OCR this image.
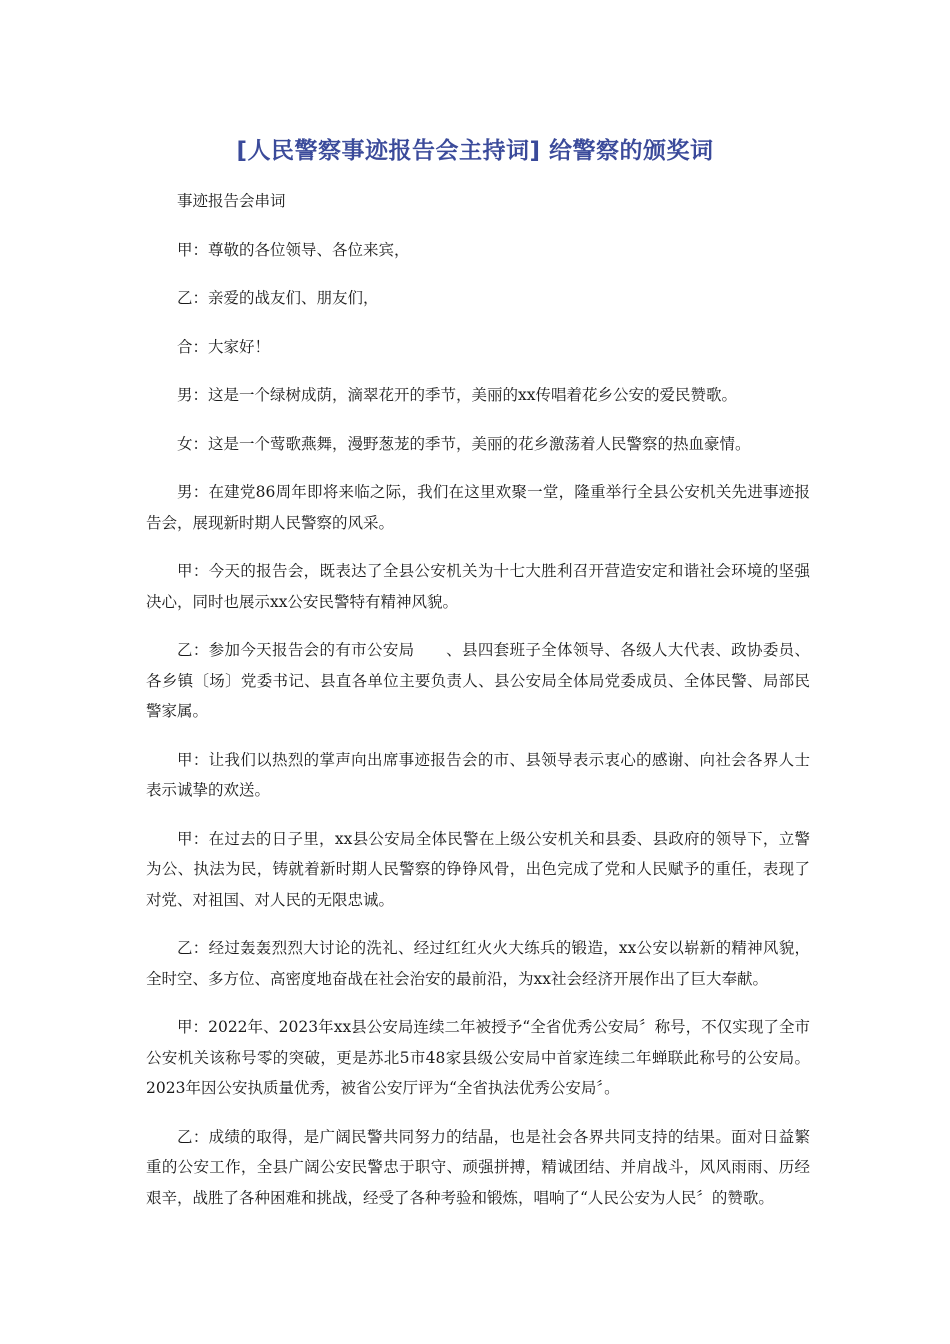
[人民警察事迹报告会主持词] 给警察的颁奖词

事迹报告会串词

甲：尊敬的各位领导、各位来宾，

乙：亲爱的战友们、朋友们，

合：大家好！

男：这是一个绿树成荫，滴翠花开的季节，美丽的xx传唱着花乡公安的爱民赞歌。

女：这是一个莺歌燕舞，漫野葱茏的季节，美丽的花乡激荡着人民警察的热血豪情。

男：在建党86周年即将来临之际，我们在这里欢聚一堂，隆重举行全县公安机关先进事迹报告会，展现新时期人民警察的风采。

甲：今天的报告会，既表达了全县公安机关为十七大胜利召开营造安定和谐社会环境的坚强决心，同时也展示xx公安民警特有精神风貌。

乙：参加今天报告会的有市公安局　　、县四套班子全体领导、各级人大代表、政协委员、各乡镇〔场〕党委书记、县直各单位主要负责人、县公安局全体局党委成员、全体民警、局部民警家属。

甲：让我们以热烈的掌声向出席事迹报告会的市、县领导表示衷心的感谢、向社会各界人士表示诚挚的欢送。

甲：在过去的日子里，xx县公安局全体民警在上级公安机关和县委、县政府的领导下，立警为公、执法为民，铸就着新时期人民警察的铮铮风骨，出色完成了党和人民赋予的重任，表现了对党、对祖国、对人民的无限忠诚。

乙：经过轰轰烈烈大讨论的洗礼、经过红红火火大练兵的锻造，xx公安以崭新的精神风貌，全时空、多方位、高密度地奋战在社会治安的最前沿，为xx社会经济开展作出了巨大奉献。

甲：2022年、2023年xx县公安局连续二年被授予“全省优秀公安局〞称号，不仅实现了全市公安机关该称号零的突破，更是苏北5市48家县级公安局中首家连续二年蝉联此称号的公安局。2023年因公安执质量优秀，被省公安厅评为“全省执法优秀公安局〞。

乙：成绩的取得，是广阔民警共同努力的结晶，也是社会各界共同支持的结果。面对日益繁重的公安工作，全县广阔公安民警忠于职守、顽强拼搏，精诚团结、并肩战斗，风风雨雨、历经艰辛，战胜了各种困难和挑战，经受了各种考验和锻炼，唱响了“人民公安为人民〞的赞歌。
